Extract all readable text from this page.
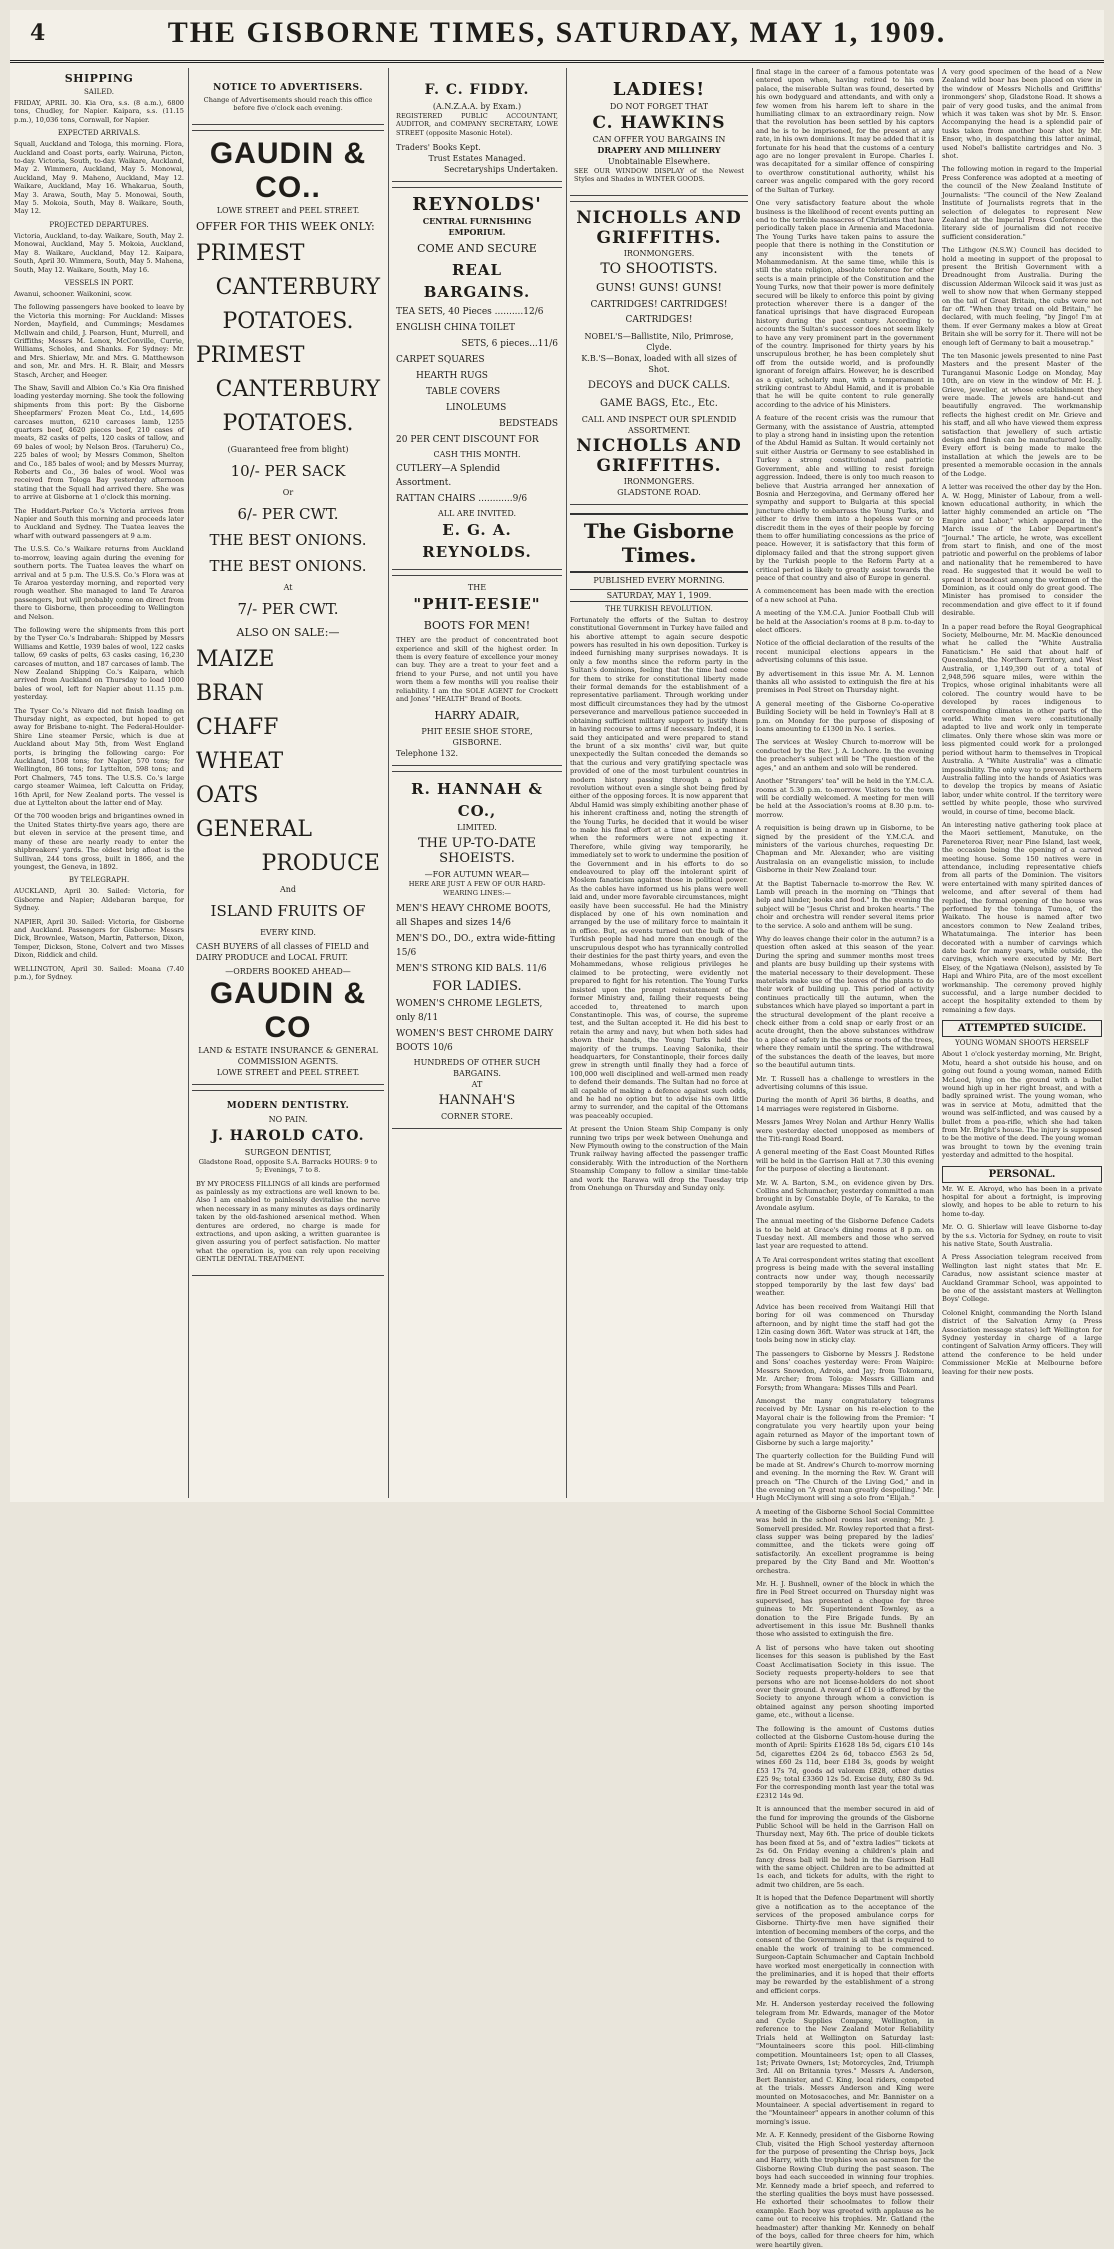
4	THE GISBORNE TIMES, SATURDAY, MAY 1, 1909.
SHIPPING
SAILED.
FRIDAY, APRIL 30. Kia Ora, s.s. (8 a.m.), 6800 tons, Chudley, for Napier. Kaipara, s.s. (11.15 p.m.), 10,036 tons, Cornwall, for Napier.
EXPECTED ARRIVALS.
Squall, Auckland and Tologa, this morning. Flora, Auckland and Coast ports, early. Wairuna, Picton, to-day. Victoria, South, to-day. Waikare, Auckland, May 2. Wimmera, Auckland, May 5. Monowai, Auckland, May 9. Maheno, Auckland, May 12. Waikare, Auckland, May 16. Whakarua, South, May 3. Arawa, South, May 5. Monowai, South, May 5. Mokoia, South, May 8. Waikare, South, May 12.
PROJECTED DEPARTURES.
Victoria, Auckland, to-day. Waikare, South, May 2. Monowai, Auckland, May 5. Mokoia, Auckland, May 8. Waikare, Auckland, May 12. Kaipara, South, April 30. Wimmera, South, May 5. Mahena, South, May 12. Waikare, South, May 16.
VESSELS IN PORT.
Awanui, schooner. Waikonini, scow.
The following passengers have booked to leave by the Victoria this morning: For Auckland: Misses Norden, Mayfield, and Cummings; Mesdames Mcllwain and child, J. Pearson, Hunt, Murrell, and Griffiths; Messrs M. Lenox, McConville, Currie, Williams, Scholes, and Shanks. For Sydney: Mr. and Mrs. Shierlaw, Mr. and Mrs. G. Matthewson and son, Mr. and Mrs. H. R. Blair, and Messrs Stasch, Archer, and Heeger.
The Shaw, Savill and Albion Co.'s Kia Ora finished loading yesterday morning. She took the following shipments from this port: By the Gisborne Sheepfarmers' Frozen Meat Co., Ltd., 14,695 carcases mutton, 6210 carcases lamb, 1255 quarters beef, 4620 pieces beef, 210 cases of meats, 82 casks of pelts, 120 casks of tallow, and 69 bales of wool; by Nelson Bros. (Taruheru) Co., 225 bales of wool; by Messrs Common, Shelton and Co., 185 bales of wool; and by Messrs Murray, Roberts and Co., 36 bales of wool. Wool was received from Tologa Bay yesterday afternoon stating that the Squall had arrived there. She was to arrive at Gisborne at 1 o'clock this morning.
The Huddart-Parker Co.'s Victoria arrives from Napier and South this morning and proceeds later to Auckland and Sydney. The Tuatea leaves the wharf with outward passengers at 9 a.m.
The U.S.S. Co.'s Waikare returns from Auckland to-morrow, leaving again during the evening for southern ports. The Tuatea leaves the wharf on arrival and at 5 p.m. The U.S.S. Co.'s Flora was at Te Araroa yesterday morning, and reported very rough weather. She managed to land Te Araroa passengers, but will probably come on direct from there to Gisborne, then proceeding to Wellington and Nelson.
The following were the shipments from this port by the Tyser Co.'s Indrabarah: Shipped by Messrs Williams and Kettle, 1939 bales of wool, 122 casks tallow, 69 casks of pelts, 63 casks casing, 16,230 carcases of mutton, and 187 carcases of lamb. The New Zealand Shipping Co.'s Kaipara, which arrived from Auckland on Thursday to load 1000 bales of wool, left for Napier about 11.15 p.m. yesterday.
The Tyser Co.'s Nivaro did not finish loading on Thursday night, as expected, but hoped to get away for Brisbane to-night. The Federal-Houlder-Shire Line steamer Persic, which is due at Auckland about May 5th, from West England ports, is bringing the following cargo: For Auckland, 1508 tons; for Napier, 570 tons; for Wellington, 86 tons; for Lyttelton, 598 tons; and Port Chalmers, 745 tons. The U.S.S. Co.'s large cargo steamer Waimea, left Calcutta on Friday, 16th April, for New Zealand ports. The vessel is due at Lyttelton about the latter end of May.
Of the 700 wooden brigs and brigantines owned in the United States thirty-five years ago, there are but eleven in service at the present time, and many of these are nearly ready to enter the shipbreakers' yards. The oldest brig afloat is the Sullivan, 244 tons gross, built in 1866, and the youngest, the Geneva, in 1892.
BY TELEGRAPH.
AUCKLAND, April 30. Sailed: Victoria, for Gisborne and Napier; Aldebaran barque, for Sydney.
NAPIER, April 30. Sailed: Victoria, for Gisborne and Auckland. Passengers for Gisborne: Messrs Dick, Brownlee, Watson, Martin, Patterson, Dixon, Temper, Dickson, Stone, Colvert and two Misses Dixon, Riddick and child.
WELLINGTON, April 30. Sailed: Moana (7.40 p.m.), for Sydney.
NOTICE TO ADVERTISERS.
Change of Advertisements should reach this office before five o'clock each evening.
GAUDIN & CO..
LOWE STREET and PEEL STREET.
OFFER FOR THIS WEEK ONLY:
PRIMEST
CANTERBURY
POTATOES.
PRIMEST
CANTERBURY
POTATOES.
(Guaranteed free from blight)
10/- PER SACK
Or
6/- PER CWT.
THE BEST ONIONS.
THE BEST ONIONS.
At
7/- PER CWT.
ALSO ON SALE:—
MAIZE
BRAN
CHAFF
WHEAT
OATS
GENERAL
PRODUCE
And
ISLAND FRUITS OF
EVERY KIND.
CASH BUYERS of all classes of FIELD and DAIRY PRODUCE and LOCAL FRUIT.
—ORDERS BOOKED AHEAD—
GAUDIN & CO
LAND & ESTATE INSURANCE & GENERAL COMMISSION AGENTS.
LOWE STREET and PEEL STREET.
MODERN DENTISTRY.
NO PAIN.
J. HAROLD CATO.
SURGEON DENTIST,
Gladstone Road, opposite S.A. Barracks HOURS: 9 to 5; Evenings, 7 to 8.
BY MY PROCESS FILLINGS of all kinds are performed as painlessly as my extractions are well known to be. Also I am enabled to painlessly devitalise the nerve when necessary in as many minutes as days ordinarily taken by the old-fashioned arsenical method. When dentures are ordered, no charge is made for extractions, and upon asking, a written guarantee is given assuring you of perfect satisfaction. No matter what the operation is, you can rely upon receiving GENTLE DENTAL TREATMENT.
F. C. FIDDY.
(A.N.Z.A.A. by Exam.)
REGISTERED PUBLIC ACCOUNTANT, AUDITOR, and COMPANY SECRETARY, LOWE STREET (opposite Masonic Hotel).
Traders' Books Kept.
Trust Estates Managed.
Secretaryships Undertaken.
REYNOLDS'
CENTRAL FURNISHING EMPORIUM.
COME AND SECURE
REAL BARGAINS.
TEA SETS, 40 Pieces ..........12/6
ENGLISH CHINA TOILET
SETS, 6 pieces...11/6
CARPET SQUARES
HEARTH RUGS
TABLE COVERS
LINOLEUMS
BEDSTEADS
20 PER CENT DISCOUNT FOR
CASH THIS MONTH.
CUTLERY—A Splendid Assortment.
RATTAN CHAIRS ............9/6
ALL ARE INVITED.
E. G. A. REYNOLDS.
THE
"PHIT-EESIE"
BOOTS FOR MEN!
THEY are the product of concentrated boot experience and skill of the highest order. In them is every feature of excellence your money can buy. They are a treat to your feet and a friend to your Purse, and not until you have worn them a few months will you realise their reliability. I am the SOLE AGENT for Crockett and Jones' "HEALTH" Brand of Boots.
HARRY ADAIR,
PHIT EESIE SHOE STORE,
GISBORNE.
Telephone 132.
R. HANNAH & CO.,
LIMITED.
THE UP-TO-DATE SHOEISTS.
—FOR AUTUMN WEAR—
HERE ARE JUST A FEW OF OUR HARD-WEARING LINES:—
MEN'S HEAVY CHROME BOOTS, all Shapes and sizes 14/6
MEN'S DO., DO., extra wide-fitting 15/6
MEN'S STRONG KID BALS. 11/6
FOR LADIES.
WOMEN'S CHROME LEGLETS, only 8/11
WOMEN'S BEST CHROME DAIRY BOOTS 10/6
HUNDREDS OF OTHER SUCH BARGAINS.
AT
HANNAH'S
CORNER STORE.
LADIES!
DO NOT FORGET THAT
C. HAWKINS
CAN OFFER YOU BARGAINS IN
DRAPERY AND MILLINERY
Unobtainable Elsewhere.
SEE OUR WINDOW DISPLAY of the Newest Styles and Shades in WINTER GOODS.
NICHOLLS AND GRIFFITHS.
IRONMONGERS.
TO SHOOTISTS.
GUNS! GUNS! GUNS!
CARTRIDGES! CARTRIDGES! CARTRIDGES!
NOBEL'S—Ballistite, Nilo, Primrose, Clyde.
K.B.'S—Bonax, loaded with all sizes of Shot.
DECOYS and DUCK CALLS.
GAME BAGS, Etc., Etc.
CALL AND INSPECT OUR SPLENDID ASSORTMENT.
NICHOLLS AND GRIFFITHS.
IRONMONGERS.
GLADSTONE ROAD.
The Gisborne Times.
PUBLISHED EVERY MORNING.
SATURDAY, MAY 1, 1909.
THE TURKISH REVOLUTION.
Fortunately the efforts of the Sultan to destroy constitutional Government in Turkey have failed and his abortive attempt to again secure despotic powers has resulted in his own deposition. Turkey is indeed furnishing many surprises nowadays. It is only a few months since the reform party in the Sultan's dominions, feeling that the time had come for them to strike for constitutional liberty made their formal demands for the establishment of a representative parliament. Through working under most difficult circumstances they had by the utmost perseverance and marvellous patience succeeded in obtaining sufficient military support to justify them in having recourse to arms if necessary. Indeed, it is said they anticipated and were prepared to stand the brunt of a six months' civil war, but quite unexpectedly the Sultan conceded the demands so that the curious and very gratifying spectacle was provided of one of the most turbulent countries in modern history passing through a political revolution without even a single shot being fired by either of the opposing forces. It is now apparent that Abdul Hamid was simply exhibiting another phase of his inherent craftiness and, noting the strength of the Young Turks, he decided that it would be wiser to make his final effort at a time and in a manner when the reformers were not expecting it. Therefore, while giving way temporarily, he immediately set to work to undermine the position of the Government and in his efforts to do so endeavoured to play off the intolerant spirit of Moslem fanaticism against those in political power. As the cables have informed us his plans were well laid and, under more favorable circumstances, might easily have been successful. He had the Ministry displaced by one of his own nomination and arranged by the use of military force to maintain it in office. But, as events turned out the bulk of the Turkish people had had more than enough of the unscrupulous despot who has tyrannically controlled their destinies for the past thirty years, and even the Mohammedans, whose religious privileges he claimed to be protecting, were evidently not prepared to fight for his retention. The Young Turks insisted upon the prompt reinstatement of the former Ministry and, failing their requests being acceded to, threatened to march upon Constantinople. This was, of course, the supreme test, and the Sultan accepted it. He did his best to retain the army and navy, but when both sides had shown their hands, the Young Turks held the majority of the trumps. Leaving Salonika, their headquarters, for Constantinople, their forces daily grew in strength until finally they had a force of 100,000 well disciplined and well-armed men ready to defend their demands. The Sultan had no force at all capable of making a defence against such odds, and he had no option but to advise his own little army to surrender, and the capital of the Ottomans was peaceably occupied.
At present the Union Steam Ship Company is only running two trips per week between Onehunga and New Plymouth owing to the construction of the Main Trunk railway having affected the passenger traffic considerably. With the introduction of the Northern Steamship Company to follow a similar time-table and work the Rarawa will drop the Tuesday trip from Onehunga on Thursday and Sunday only.
final stage in the career of a famous potentate was entered upon when, having retired to his own palace, the miserable Sultan was found, deserted by his own bodyguard and attendants, and with only a few women from his harem left to share in the humiliating climax to an extraordinary reign. Now that the revolution has been settled by his captors and he is to be imprisoned, for the present at any rate, in his own dominions. It may be added that it is fortunate for his head that the customs of a century ago are no longer prevalent in Europe. Charles I. was decapitated for a similar offence of conspiring to overthrow constitutional authority, whilst his career was angelic compared with the gory record of the Sultan of Turkey.
One very satisfactory feature about the whole business is the likelihood of recent events putting an end to the terrible massacres of Christians that have periodically taken place in Armenia and Macedonia. The Young Turks have taken pains to assure the people that there is nothing in the Constitution or any inconsistent with the tenets of Mohammedanism. At the same time, while this is still the state religion, absolute tolerance for other sects is a main principle of the Constitution and the Young Turks, now that their power is more definitely secured will be likely to enforce this point by giving protection wherever there is a danger of the fanatical uprisings that have disgraced European history during the past century. According to accounts the Sultan's successor does not seem likely to have any very prominent part in the government of the country. Imprisoned for thirty years by his unscrupulous brother, he has been completely shut off from the outside world, and is profoundly ignorant of foreign affairs. However, he is described as a quiet, scholarly man, with a temperament in striking contrast to Abdul Hamid, and it is probable that he will be quite content to rule generally according to the advice of his Ministers.
A feature of the recent crisis was the rumour that Germany, with the assistance of Austria, attempted to play a strong hand in insisting upon the retention of the Abdul Hamid as Sultan. It would certainly not suit either Austria or Germany to see established in Turkey a strong constitutional and patriotic Government, able and willing to resist foreign aggression. Indeed, there is only too much reason to believe that Austria arranged her annexation of Bosnia and Herzegovina, and Germany offered her sympathy and support to Bulgaria at this special juncture chiefly to embarrass the Young Turks, and either to drive them into a hopeless war or to discredit them in the eyes of their people by forcing them to offer humiliating concessions as the price of peace. However, it is satisfactory that this form of diplomacy failed and that the strong support given by the Turkish people to the Reform Party at a critical period is likely to greatly assist towards the peace of that country and also of Europe in general.
A commencement has been made with the erection of a new school at Puha.
A meeting of the Y.M.C.A. Junior Football Club will be held at the Association's rooms at 8 p.m. to-day to elect officers.
Notice of the official declaration of the results of the recent municipal elections appears in the advertising columns of this issue.
By advertisement in this issue Mr. A. M. Lennon thanks all who assisted to extinguish the fire at his premises in Peel Street on Thursday night.
A general meeting of the Gisborne Co-operative Building Society will be held in Townley's Hall at 8 p.m. on Monday for the purpose of disposing of loans amounting to £1300 in No. 1 series.
The services at Wesley Church to-morrow will be conducted by the Rev. J. A. Lochore. In the evening the preacher's subject will be "The question of the ages," and an anthem and solo will be rendered.
Another "Strangers' tea" will be held in the Y.M.C.A. rooms at 5.30 p.m. to-morrow. Visitors to the town will be cordially welcomed. A meeting for men will be held at the Association's rooms at 8.30 p.m. to-morrow.
A requisition is being drawn up in Gisborne, to be signed by the president of the Y.M.C.A. and ministers of the various churches, requesting Dr. Chapman and Mr. Alexander, who are visiting Australasia on an evangelistic mission, to include Gisborne in their New Zealand tour.
At the Baptist Tabernacle to-morrow the Rev. W. Lamb will preach in the morning on "Things that help and hinder, books and food." In the evening the subject will be "Jesus Christ and broken hearts." The choir and orchestra will render several items prior to the service. A solo and anthem will be sung.
Why do leaves change their color in the autumn? is a question often asked at this season of the year. During the spring and summer months most trees and plants are busy building up their systems with the material necessary to their development. These materials make use of the leaves of the plants to do their work of building up. This period of activity continues practically till the autumn, when the substances which have played so important a part in the structural development of the plant receive a check either from a cold snap or early frost or an acute drought, then the above substances withdraw to a place of safety in the stems or roots of the trees, where they remain until the spring. The withdrawal of the substances the death of the leaves, but more so the beautiful autumn tints.
Mr. T. Russell has a challenge to wrestlers in the advertising columns of this issue.
During the month of April 36 births, 8 deaths, and 14 marriages were registered in Gisborne.
Messrs James Wrey Nolan and Arthur Henry Wallis were yesterday elected unopposed as members of the Titi-rangi Road Board.
A general meeting of the East Coast Mounted Rifles will be held in the Garrison Hall at 7.30 this evening for the purpose of electing a lieutenant.
Mr. W. A. Barton, S.M., on evidence given by Drs. Collins and Schumacher, yesterday committed a man brought in by Constable Doyle, of Te Karaka, to the Avondale asylum.
The annual meeting of the Gisborne Defence Cadets is to be held at Grace's dining rooms at 8 p.m. on Tuesday next. All members and those who served last year are requested to attend.
A Te Arai correspondent writes stating that excellent progress is being made with the several installing contracts now under way, though necessarily stopped temporarily by the last few days' bad weather.
Advice has been received from Waitangi Hill that boring for oil was commenced on Thursday afternoon, and by night time the staff had got the 12in casing down 36ft. Water was struck at 14ft, the tools being now in sticky clay.
The passengers to Gisborne by Messrs J. Redstone and Sons' coaches yesterday were: From Waipiro: Messrs Snowdon, Adrois, and Jay; from Tokomaru, Mr. Archer; from Tologa: Messrs Gilliam and Forsyth; from Whangara: Misses Tills and Pearl.
Amongst the many congratulatory telegrams received by Mr. Lysnar on his re-election to the Mayoral chair is the following from the Premier: "I congratulate you very heartily upon your being again returned as Mayor of the important town of Gisborne by such a large majority."
The quarterly collection for the Building Fund will be made at St. Andrew's Church to-morrow morning and evening. In the morning the Rev. W. Grant will preach on "The Church of the Living God," and in the evening on "A great man greatly despoiling." Mr. Hugh McClymont will sing a solo from "Elijah."
A meeting of the Gisborne School Social Committee was held in the school rooms last evening; Mr. J. Somervell presided. Mr. Rowley reported that a first-class supper was being prepared by the ladies' committee, and the tickets were going off satisfactorily. An excellent programme is being prepared by the City Band and Mr. Wootton's orchestra.
Mr. H. J. Bushnell, owner of the block in which the fire in Peel Street occurred on Thursday night was supervised, has presented a cheque for three guineas to Mr. Superintendent Townley, as a donation to the Fire Brigade funds. By an advertisement in this issue Mr. Bushnell thanks those who assisted to extinguish the fire.
A list of persons who have taken out shooting licenses for this season is published by the East Coast Acclimatisation Society in this issue. The Society requests property-holders to see that persons who are not license-holders do not shoot over their ground. A reward of £10 is offered by the Society to anyone through whom a conviction is obtained against any person shooting imported game, etc., without a license.
The following is the amount of Customs duties collected at the Gisborne Custom-house during the month of April: Spirits £1628 18s 5d, cigars £10 14s 5d, cigarettes £204 2s 6d, tobacco £563 2s 5d, wines £60 2s 11d, beer £184 3s, goods by weight £53 17s 7d, goods ad valorem £828, other duties £25 9s; total £3360 12s 5d. Excise duty, £80 3s 9d. For the corresponding month last year the total was £2312 14s 9d.
It is announced that the member secured in aid of the fund for improving the grounds of the Gisborne Public School will be held in the Garrison Hall on Thursday next, May 6th. The price of double tickets has been fixed at 5s, and of "extra ladies'" tickets at 2s 6d. On Friday evening a children's plain and fancy dress ball will be held in the Garrison Hall with the same object. Children are to be admitted at 1s each, and tickets for adults, with the right to admit two children, are 5s each.
It is hoped that the Defence Department will shortly give a notification as to the acceptance of the services of the proposed ambulance corps for Gisborne. Thirty-five men have signified their intention of becoming members of the corps, and the consent of the Government is all that is required to enable the work of training to be commenced. Surgeon-Captain Schumacher and Captain Inchbold have worked most energetically in connection with the preliminaries, and it is hoped that their efforts may be rewarded by the establishment of a strong and efficient corps.
Mr. H. Anderson yesterday received the following telegram from Mr. Edwards, manager of the Motor and Cycle Supplies Company, Wellington, in reference to the New Zealand Motor Reliability Trials held at Wellington on Saturday last: "Mountaineers score this pool. Hill-climbing competition. Mountaineers 1st; open to all Classes, 1st; Private Owners, 1st; Motorcycles, 2nd, Triumph 3rd. All on Britannia tyres." Messrs A. Anderson, Bert Bannister, and C. King, local riders, competed at the trials. Messrs Anderson and King were mounted on Motosacoches, and Mr. Bannister on a Mountaineer. A special advertisement in regard to the "Mountaineer" appears in another column of this morning's issue.
Mr. A. F. Kennedy, president of the Gisborne Rowing Club, visited the High School yesterday afternoon for the purpose of presenting the Chrisp boys, Jack and Harry, with the trophies won as oarsmen for the Gisborne Rowing Club during the past season. The boys had each succeeded in winning four trophies. Mr. Kennedy made a brief speech, and referred to the sterling qualities the boys must have possessed. He exhorted their schoolmates to follow their example. Each boy was greeted with applause as he came out to receive his trophies. Mr. Gatland (the headmaster) after thanking Mr. Kennedy on behalf of the boys, called for three cheers for him, which were heartily given.
A very good specimen of the head of a New Zealand wild boar has been placed on view in the window of Messrs Nicholls and Griffiths' ironmongers' shop, Gladstone Road. It shows a pair of very good tusks, and the animal from which it was taken was shot by Mr. S. Ensor. Accompanying the head is a splendid pair of tusks taken from another boar shot by Mr. Ensor, who, in despatching this latter animal, used Nobel's ballistite cartridges and No. 3 shot.
The following motion in regard to the Imperial Press Conference was adopted at a meeting of the council of the New Zealand Institute of Journalists: "The council of the New Zealand Institute of Journalists regrets that in the selection of delegates to represent New Zealand at the Imperial Press Conference the literary side of journalism did not receive sufficient consideration."
The Lithgow (N.S.W.) Council has decided to hold a meeting in support of the proposal to present the British Government with a Dreadnought from Australia. During the discussion Alderman Wilcock said it was just as well to show now that when Germany stepped on the tail of Great Britain, the cubs were not far off. "When they tread on old Britain," he declared, with much feeling, "by Jingo! I'm at them. If ever Germany makes a blow at Great Britain she will be sorry for it. There will not be enough left of Germany to bait a mousetrap."
The ten Masonic jewels presented to nine Past Masters and the present Master of the Turanganui Masonic Lodge on Monday, May 10th, are on view in the window of Mr. H. J. Grieve, jeweller, at whose establishment they were made. The jewels are hand-cut and beautifully engraved. The workmanship reflects the highest credit on Mr. Grieve and his staff, and all who have viewed them express satisfaction that jewellery of such artistic design and finish can be manufactured locally. Every effort is being made to make the installation at which the jewels are to be presented a memorable occasion in the annals of the Lodge.
A letter was received the other day by the Hon. A. W. Hogg, Minister of Labour, from a well-known educational authority, in which the latter highly commended an article on "The Empire and Labor," which appeared in the March issue of the Labor Department's "Journal." The article, he wrote, was excellent from start to finish, and one of the most patriotic and powerful on the problems of labor and nationality that he remembered to have read. He suggested that it would be well to spread it broadcast among the workmen of the Dominion, as it could only do great good. The Minister has promised to consider the recommendation and give effect to it if found desirable.
In a paper read before the Royal Geographical Society, Melbourne, Mr. M. MacKie denounced what he called the "White Australia Fanaticism." He said that about half of Queensland, the Northern Territory, and West Australia, or 1,149,390 out of a total of 2,948,596 square miles, were within the Tropics, whose original inhabitants were all colored. The country would have to be developed by races indigenous to corresponding climates in other parts of the world. White men were constitutionally adapted to live and work only in temperate climates. Only there whose skin was more or less pigmented could work for a prolonged period without harm to themselves in Tropical Australia. A "White Australia" was a climatic impossibility. The only way to prevent Northern Australia falling into the hands of Asiatics was to develop the tropics by means of Asiatic labor, under white control. If the territory were settled by white people, those who survived would, in course of time, become black.
An interesting native gathering took place at the Maori settlement, Manutuke, on the Pareneteroa River, near Pine Island, last week, the occasion being the opening of a carved meeting house. Some 150 natives were in attendance, including representative chiefs from all parts of the Dominion. The visitors were entertained with many spirited dances of welcome, and after several of them had replied, the formal opening of the house was performed by the tohunga Tumoa, of the Waikato. The house is named after two ancestors common to New Zealand tribes, Whatatumainga. The interior has been decorated with a number of carvings which date back for many years, while outside, the carvings, which were executed by Mr. Bert Elsey, of the Ngatiawa (Nelson), assisted by Te Hapi and Whiro Pita, are of the most excellent workmanship. The ceremony proved highly successful, and a large number decided to accept the hospitality extended to them by remaining a few days.
ATTEMPTED SUICIDE.
YOUNG WOMAN SHOOTS HERSELF
About 1 o'clock yesterday morning, Mr. Bright, Motu, heard a shot outside his house, and on going out found a young woman, named Edith McLeod, lying on the ground with a bullet wound high up in her right breast, and with a badly sprained wrist. The young woman, who was in service at Motu, admitted that the wound was self-inflicted, and was caused by a bullet from a pea-rifle, which she had taken from Mr. Bright's house. The injury is supposed to be the motive of the deed. The young woman was brought to town by the evening train yesterday and admitted to the hospital.
PERSONAL.
Mr. W. E. Akroyd, who has been in a private hospital for about a fortnight, is improving slowly, and hopes to be able to return to his home to-day.
Mr. O. G. Shierlaw will leave Gisborne to-day by the s.s. Victoria for Sydney, en route to visit his native State, South Australia.
A Press Association telegram received from Wellington last night states that Mr. E. Caradus, now assistant science master at Auckland Grammar School, was appointed to be one of the assistant masters at Wellington Boys' College.
Colonel Knight, commanding the North Island district of the Salvation Army (a Press Association message states) left Wellington for Sydney yesterday in charge of a large contingent of Salvation Army officers. They will attend the conference to be held under Commissioner McKie at Melbourne before leaving for their new posts.
